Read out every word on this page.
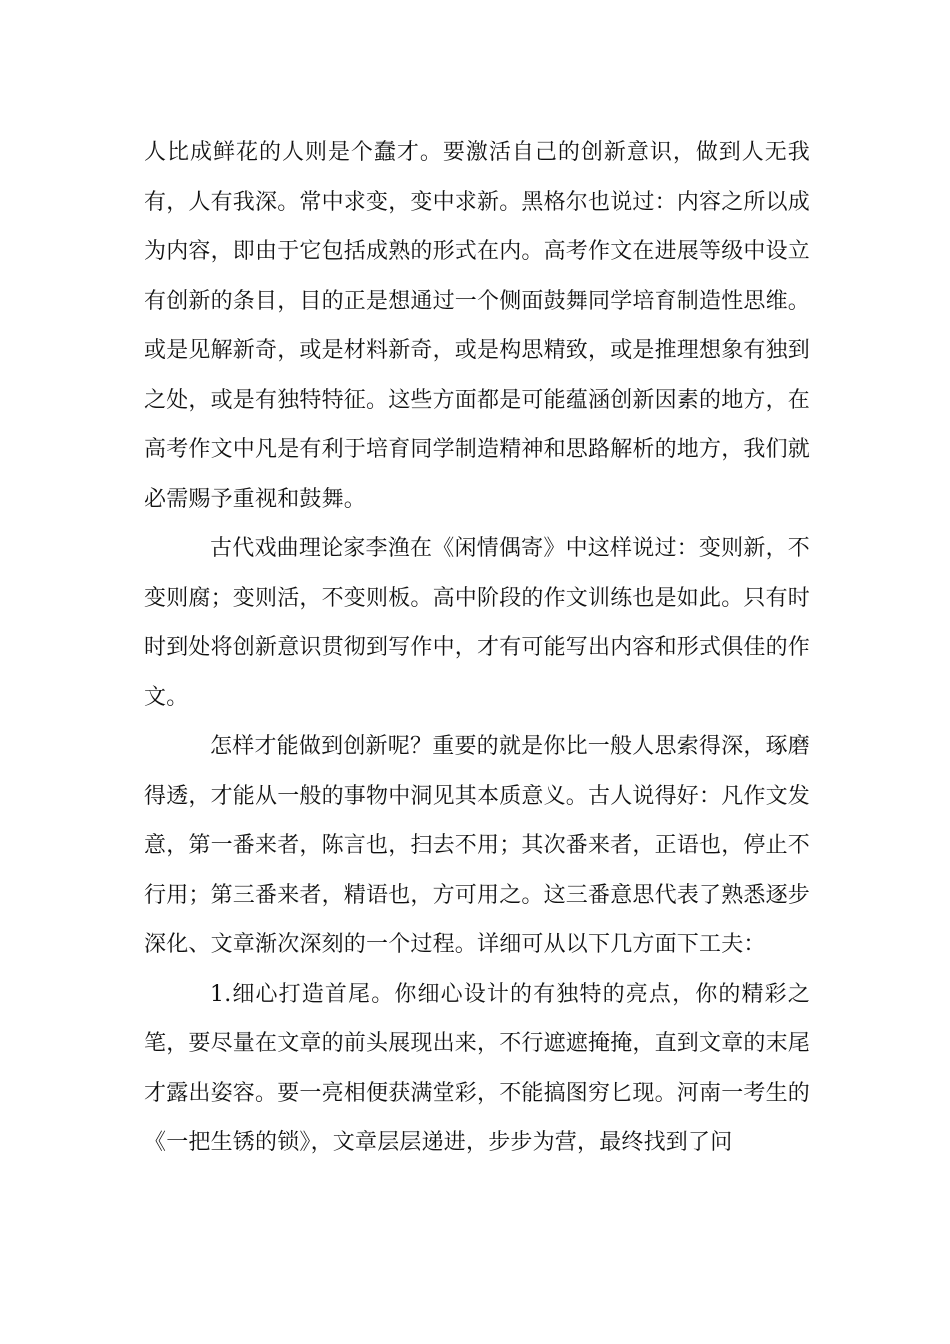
人比成鲜花的人则是个蠢才。要激活自己的创新意识，做到人无我有，人有我深。常中求变，变中求新。黑格尔也说过：内容之所以成为内容，即由于它包括成熟的形式在内。高考作文在进展等级中设立有创新的条目，目的正是想通过一个侧面鼓舞同学培育制造性思维。或是见解新奇，或是材料新奇，或是构思精致，或是推理想象有独到之处，或是有独特特征。这些方面都是可能蕴涵创新因素的地方，在高考作文中凡是有利于培育同学制造精神和思路解析的地方，我们就必需赐予重视和鼓舞。

古代戏曲理论家李渔在《闲情偶寄》中这样说过：变则新，不变则腐；变则活，不变则板。高中阶段的作文训练也是如此。只有时时到处将创新意识贯彻到写作中，才有可能写出内容和形式俱佳的作文。

怎样才能做到创新呢？重要的就是你比一般人思索得深，琢磨得透，才能从一般的事物中洞见其本质意义。古人说得好：凡作文发意，第一番来者，陈言也，扫去不用；其次番来者，正语也，停止不行用；第三番来者，精语也，方可用之。这三番意思代表了熟悉逐步深化、文章渐次深刻的一个过程。详细可从以下几方面下工夫：

1.细心打造首尾。你细心设计的有独特的亮点，你的精彩之笔，要尽量在文章的前头展现出来，不行遮遮掩掩，直到文章的末尾才露出姿容。要一亮相便获满堂彩，不能搞图穷匕现。河南一考生的《一把生锈的锁》，文章层层递进，步步为营，最终找到了问
